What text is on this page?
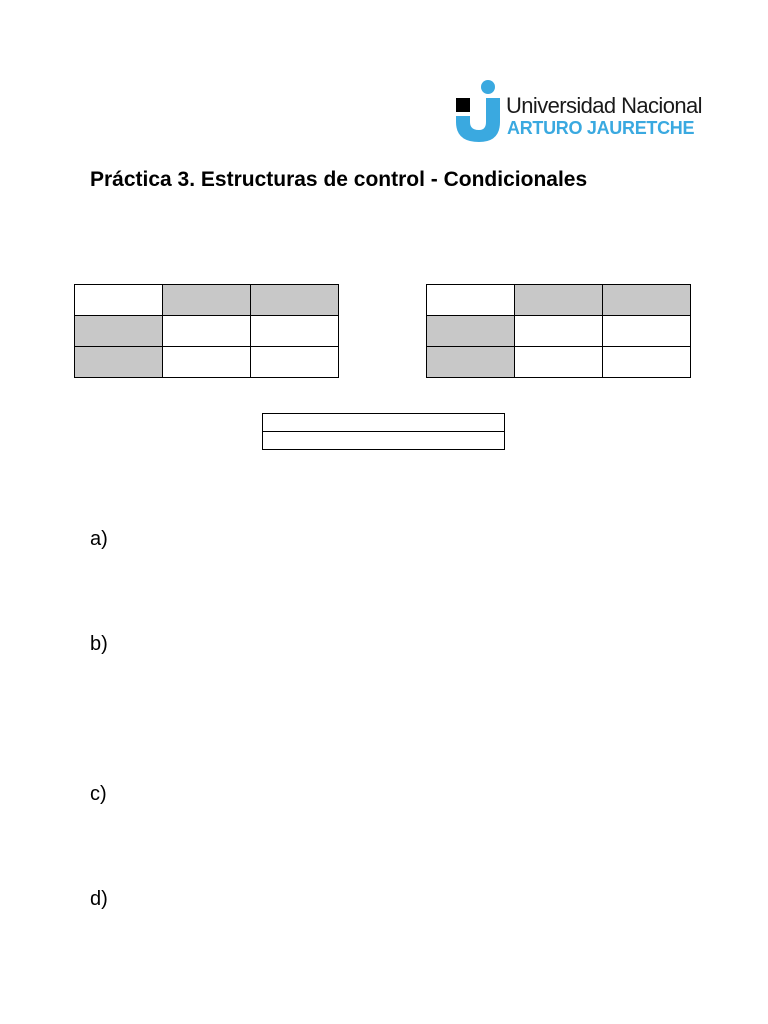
Universidad Nacional
ARTURO JAURETCHE
Práctica 3. Estructuras de control - Condicionales

a)
b)
c)
d)
